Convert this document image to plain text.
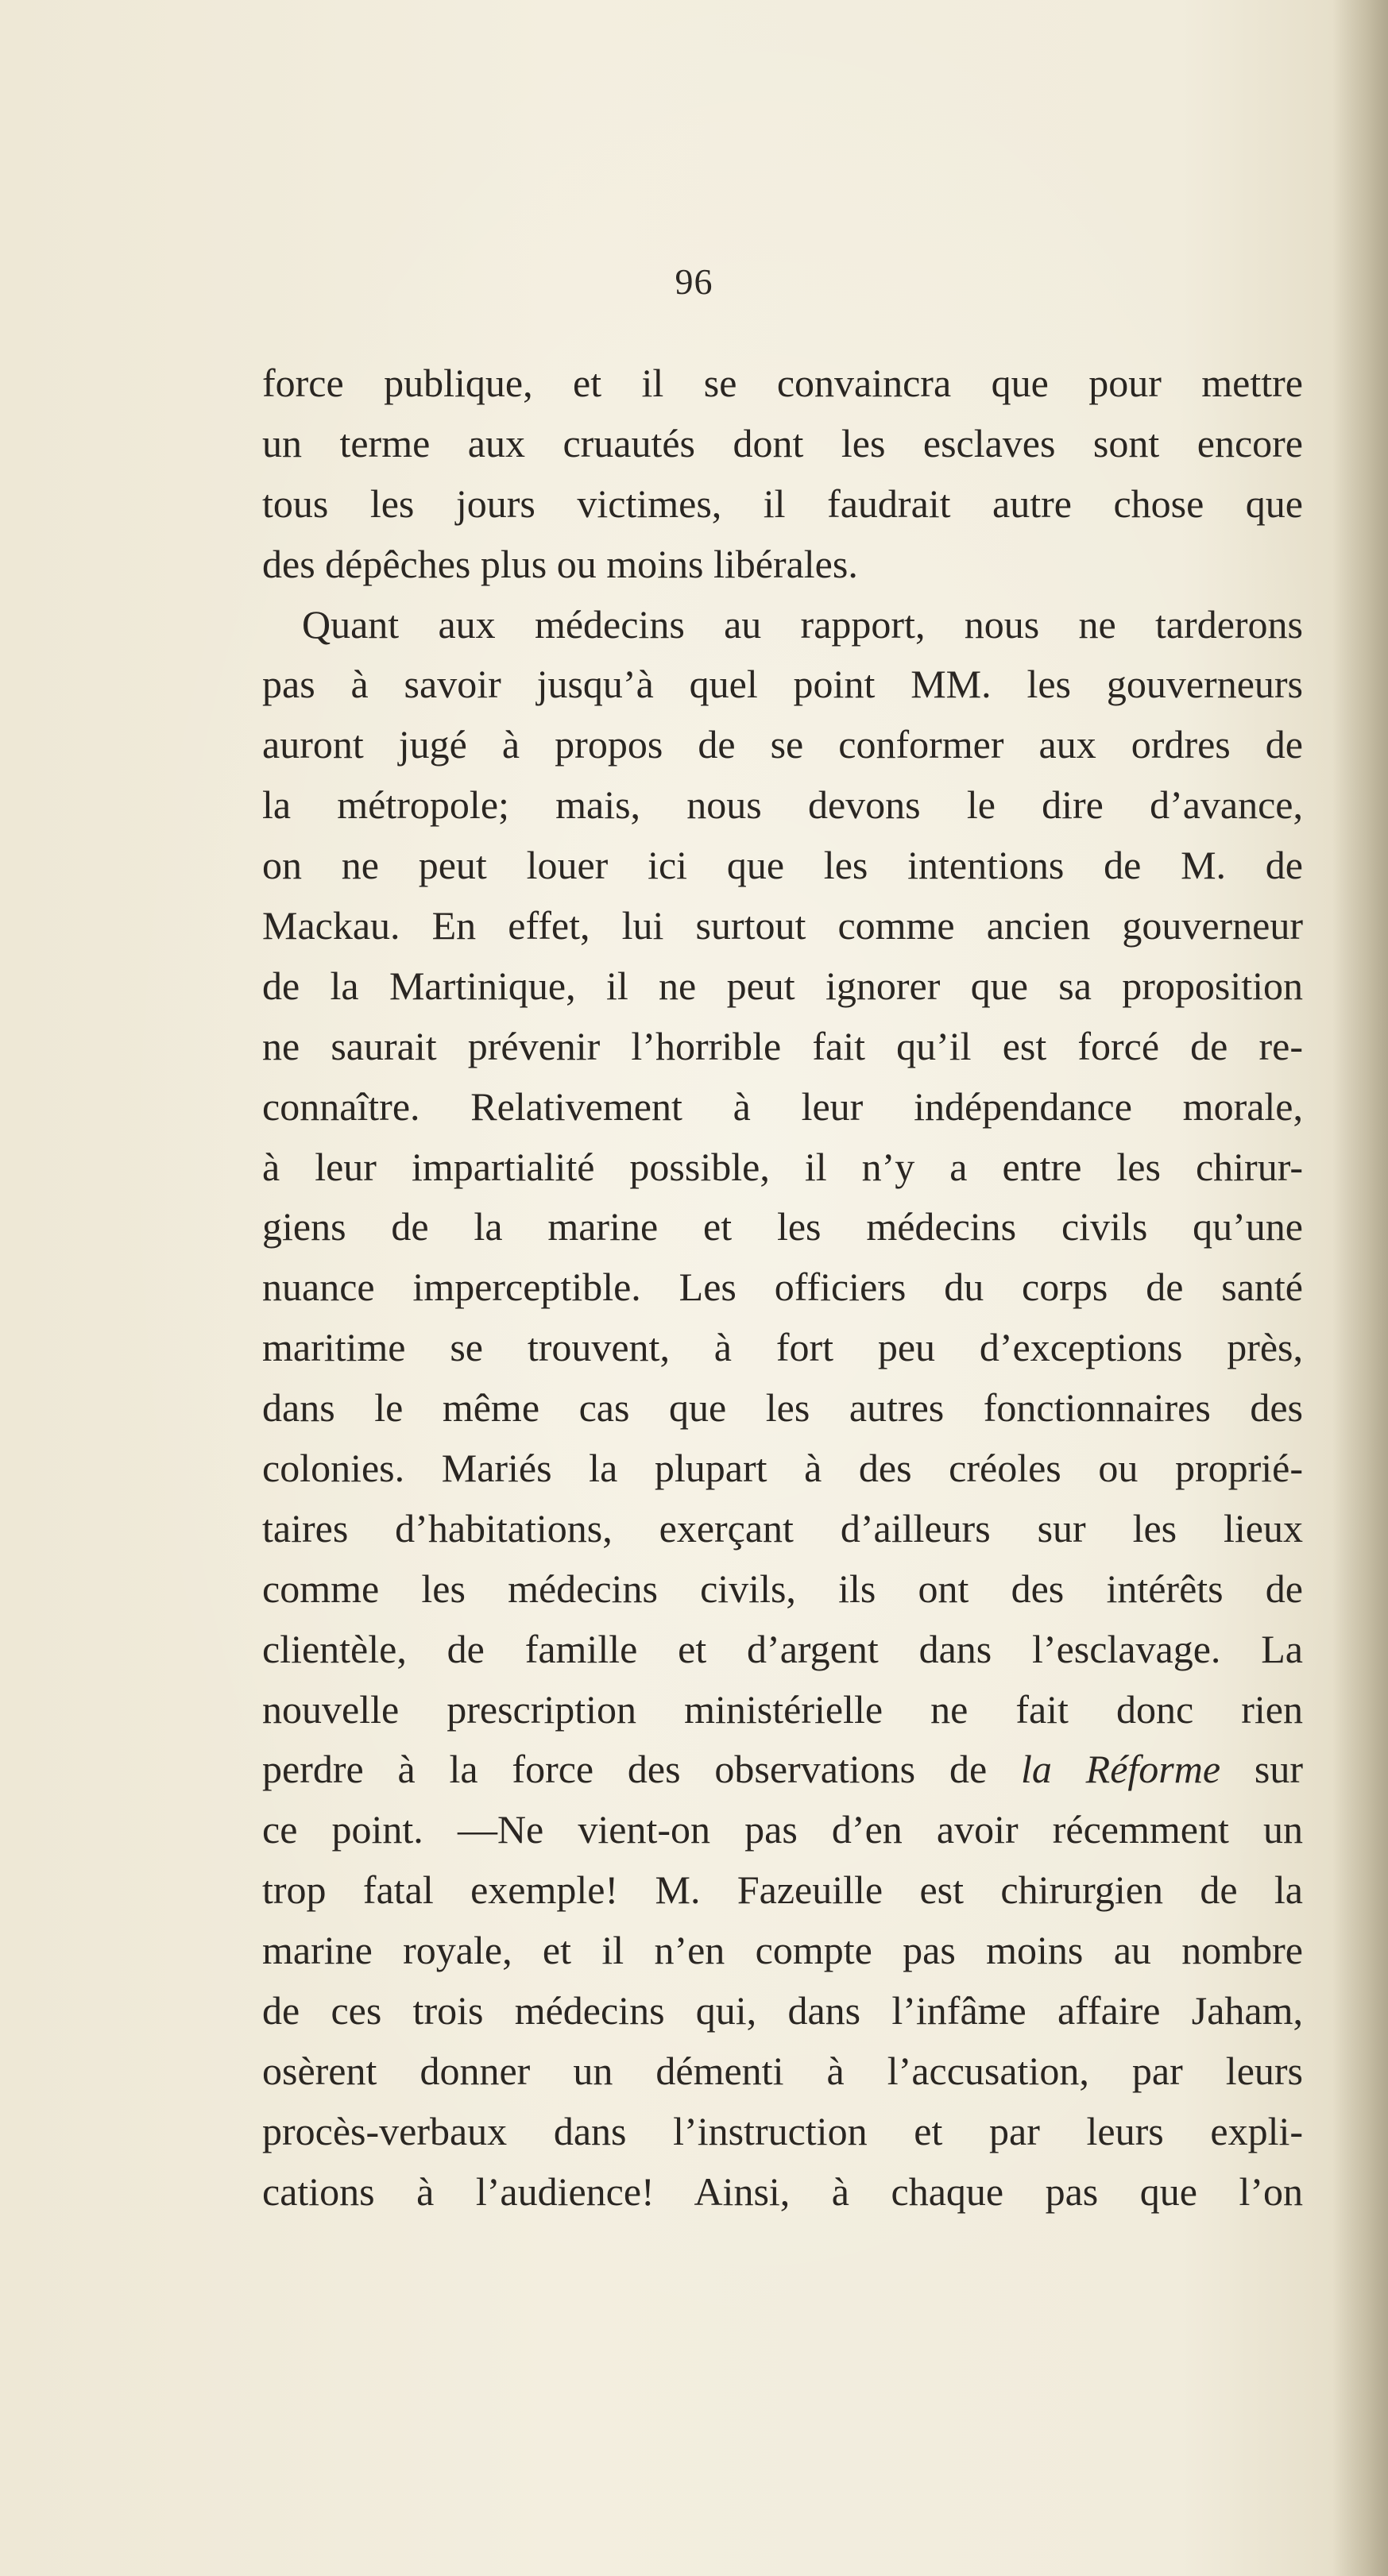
96
force publique, et il se convaincra que pour mettre
un terme aux cruautés dont les esclaves sont encore
tous les jours victimes, il faudrait autre chose que
des dépêches plus ou moins libérales.
Quant aux médecins au rapport, nous ne tarderons
pas à savoir jusqu’à quel point MM. les gouverneurs
auront jugé à propos de se conformer aux ordres de
la métropole; mais, nous devons le dire d’avance,
on ne peut louer ici que les intentions de M. de
Mackau. En effet, lui surtout comme ancien gouverneur
de la Martinique, il ne peut ignorer que sa proposition
ne saurait prévenir l’horrible fait qu’il est forcé de re-
connaître. Relativement à leur indépendance morale,
à leur impartialité possible, il n’y a entre les chirur-
giens de la marine et les médecins civils qu’une
nuance imperceptible. Les officiers du corps de santé
maritime se trouvent, à fort peu d’exceptions près,
dans le même cas que les autres fonctionnaires des
colonies. Mariés la plupart à des créoles ou proprié-
taires d’habitations, exerçant d’ailleurs sur les lieux
comme les médecins civils, ils ont des intérêts de
clientèle, de famille et d’argent dans l’esclavage. La
nouvelle prescription ministérielle ne fait donc rien
perdre à la force des observations de la Réforme sur
ce point. —Ne vient-on pas d’en avoir récemment un
trop fatal exemple! M. Fazeuille est chirurgien de la
marine royale, et il n’en compte pas moins au nombre
de ces trois médecins qui, dans l’infâme affaire Jaham,
osèrent donner un démenti à l’accusation, par leurs
procès-verbaux dans l’instruction et par leurs expli-
cations à l’audience! Ainsi, à chaque pas que l’on
